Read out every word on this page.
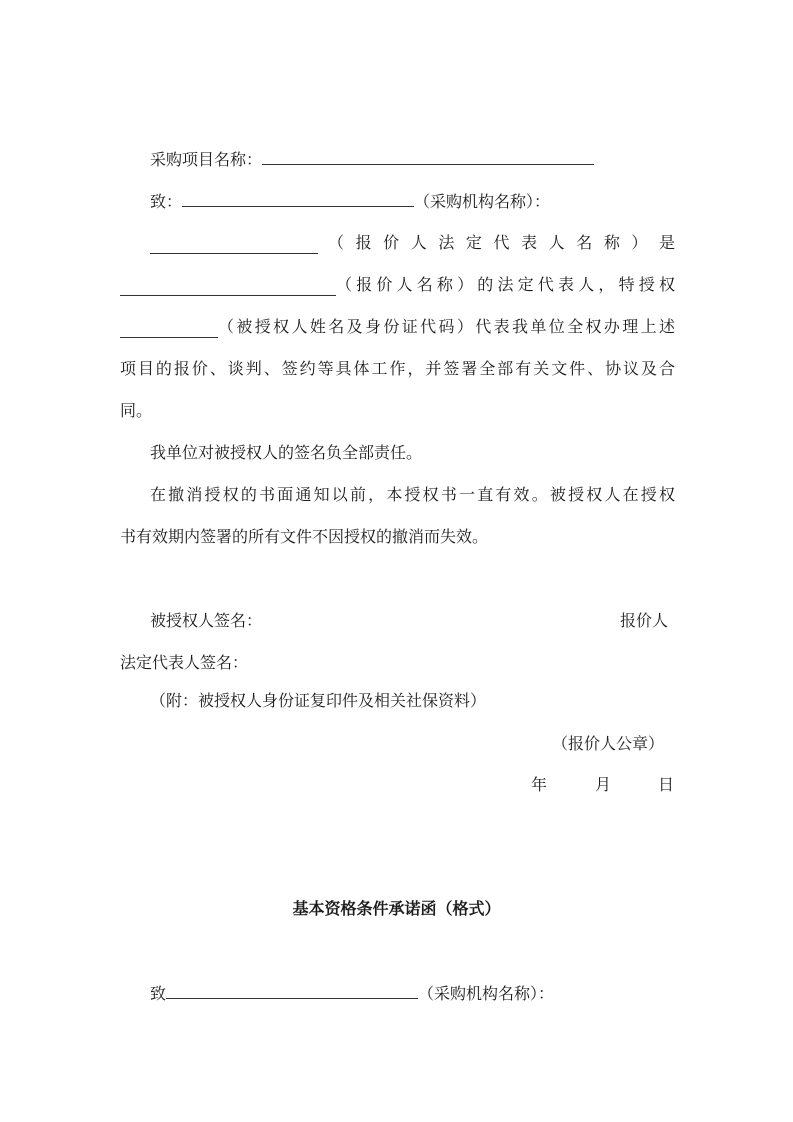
采购项目名称：
致：	（采购机构名称）：
（报价人法定代表人名称）是
（报价人名称）的法定代表人，特授权
（被授权人姓名及身份证代码）代表我单位全权办理上述
项目的报价、谈判、签约等具体工作，并签署全部有关文件、协议及合
同。
我单位对被授权人的签名负全部责任。
在撤消授权的书面通知以前，本授权书一直有效。被授权人在授权
书有效期内签署的所有文件不因授权的撤消而失效。
被授权人签名：	报价人
法定代表人签名：
（附：被授权人身份证复印件及相关社保资料）
（报价人公章）
年	月	日
基本资格条件承诺函（格式）
致	（采购机构名称）：
